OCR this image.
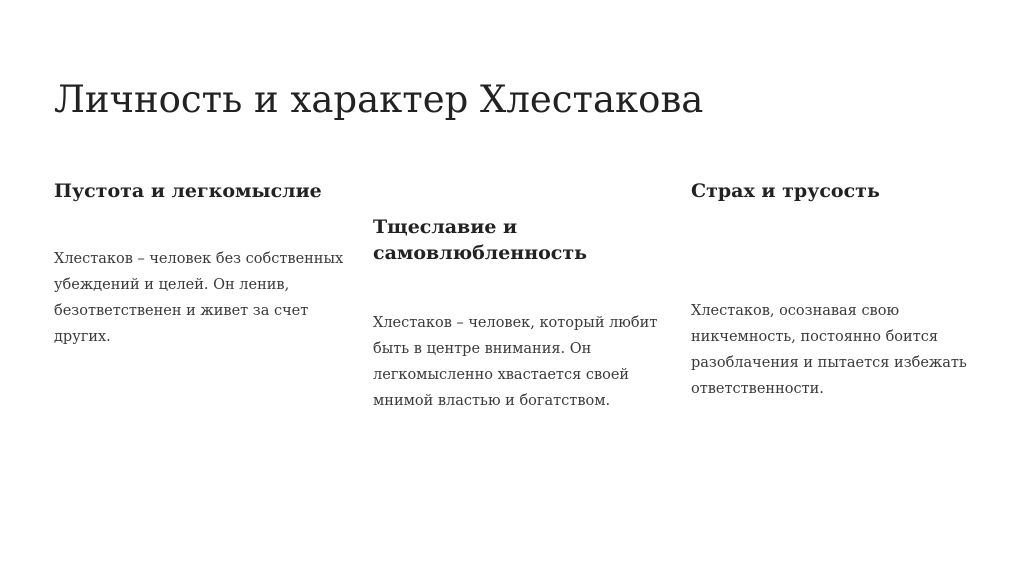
Личность и характер Хлестакова
Пустота и легкомыслие

Хлестаков – человек без собственных убеждений и целей. Он ленив, безответственен и живет за счет других.

Тщеславие и самовлюбленность

Хлестаков – человек, который любит быть в центре внимания. Он легкомысленно хвастается своей мнимой властью и богатством.

Страх и трусость

Хлестаков, осознавая свою никчемность, постоянно боится разоблачения и пытается избежать ответственности.
